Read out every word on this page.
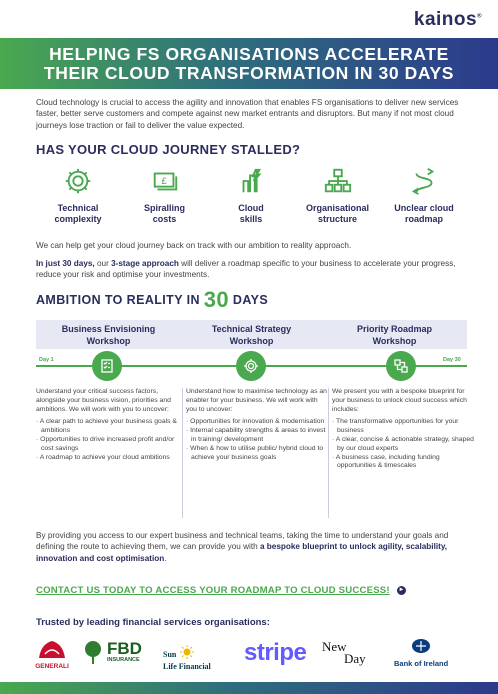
kainos®
HELPING FS ORGANISATIONS ACCELERATE
THEIR CLOUD TRANSFORMATION IN 30 DAYS

Cloud technology is crucial to access the agility and innovation that enables FS organisations to deliver new services faster, better serve customers and compete against new market entrants and disruptors. But many if not most cloud journeys lose traction or fail to deliver the value expected.

HAS YOUR CLOUD JOURNEY STALLED?
Technical
complexity
£
Spiralling
costs
Cloud
skills
Organisational
structure
Unclear cloud
roadmap

We can help get your cloud journey back on track with our ambition to reality approach.

In just 30 days, our 3-stage approach will deliver a roadmap specific to your business to accelerate your progress, reduce your risk and optimise your investments.

AMBITION TO REALITY IN 30 DAYS
Business Envisioning
Workshop
Technical Strategy
Workshop
Priority Roadmap
Workshop
Day 1	Day 30

Understand your critical success factors, alongside your business vision, priorities and ambitions. We will work with you to uncover:

· A clear path to achieve your business goals & ambitions
· Opportunities to drive increased profit and/or cost savings
· A roadmap to achieve your cloud ambitions

Understand how to maximise technology as an enabler for your business. We will work with you to uncover:

· Opportunities for innovation & modernisation
· Internal capability strengths & areas to invest in training/ development
· When & how to utilise public/ hybrid cloud to achieve your business goals

We present you with a bespoke blueprint for your business to unlock cloud success which includes:

· The transformative opportunities for your business
· A clear, concise & actionable strategy, shaped by our cloud experts
· A business case, including funding opportunities & timescales

By providing you access to our expert business and technical teams, taking the time to understand your goals and defining the route to achieving them, we can provide you with a bespoke blueprint to unlock agility, scalability, innovation and cost optimisation.

CONTACT US TODAY TO ACCESS YOUR ROADMAP TO CLOUD SUCCESS! ►
Trusted by leading financial services organisations:
GENERALI
FBD
INSURANCE
Sun
Life Financial
stripe New
Day	Bank of Ireland
